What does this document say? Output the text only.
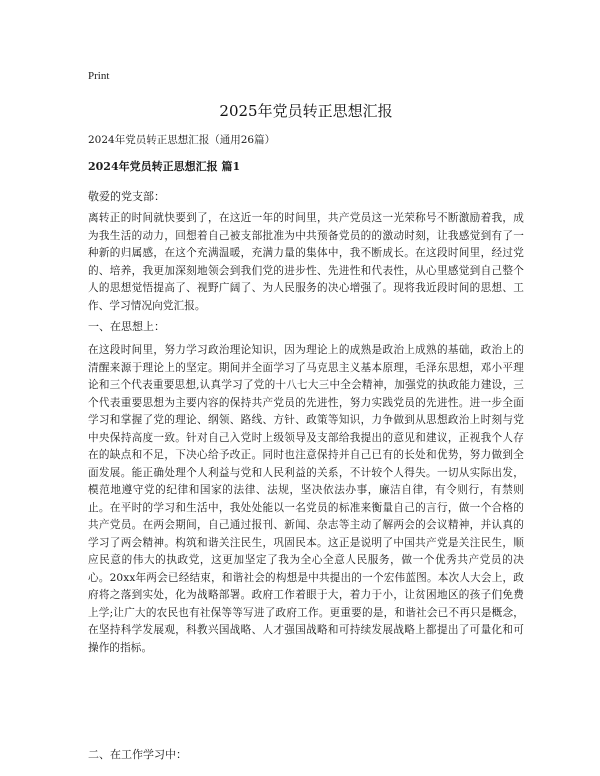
Print
2025年党员转正思想汇报
2024年党员转正思想汇报（通用26篇）
2024年党员转正思想汇报 篇1
敬爱的党支部：
离转正的时间就快要到了，在这近一年的时间里，共产党员这一光荣称号不断激励着我，成为我生活的动力，回想着自己被支部批准为中共预备党员的的激动时刻，让我感觉到有了一种新的归属感，在这个充满温暖，充满力量的集体中，我不断成长。在这段时间里，经过党的、培养，我更加深刻地领会到我们党的进步性、先进性和代表性，从心里感觉到自己整个人的思想觉悟提高了、视野广阔了、为人民服务的决心增强了。现将我近段时间的思想、工作、学习情况向党汇报。
一、在思想上：
在这段时间里，努力学习政治理论知识，因为理论上的成熟是政治上成熟的基础，政治上的清醒来源于理论上的坚定。期间并全面学习了马克思主义基本原理，毛泽东思想，邓小平理论和三个代表重要思想,认真学习了党的十八七大三中全会精神，加强党的执政能力建设，三个代表重要思想为主要内容的保持共产党员的先进性，努力实践党员的先进性。进一步全面学习和掌握了党的理论、纲领、路线、方针、政策等知识，力争做到从思想政治上时刻与党中央保持高度一致。针对自己入党时上级领导及支部给我提出的意见和建议，正视我个人存在的缺点和不足，下决心给予改正。同时也注意保持并自己已有的长处和优势，努力做到全面发展。能正确处理个人利益与党和人民利益的关系，不计较个人得失。一切从实际出发，模范地遵守党的纪律和国家的法律、法规，坚决依法办事，廉洁自律，有令则行，有禁则止。在平时的学习和生活中，我处处能以一名党员的标准来衡量自己的言行，做一个合格的共产党员。在两会期间，自己通过报刊、新闻、杂志等主动了解两会的会议精神，并认真的学习了两会精神。构筑和谐关注民生，巩固民本。这正是说明了中国共产党是关注民生，顺应民意的伟大的执政党，这更加坚定了我为全心全意人民服务，做一个优秀共产党员的决心。20xx年两会已经结束，和谐社会的构想是中共提出的一个宏伟蓝图。本次人大会上，政府将之落到实处，化为战略部署。政府工作着眼于大，着力于小，让贫困地区的孩子们免费上学;让广大的农民也有社保等等写进了政府工作。更重要的是，和谐社会已不再只是概念，在坚持科学发展观，科教兴国战略、人才强国战略和可持续发展战略上都提出了可量化和可操作的指标。
二、在工作学习中：
